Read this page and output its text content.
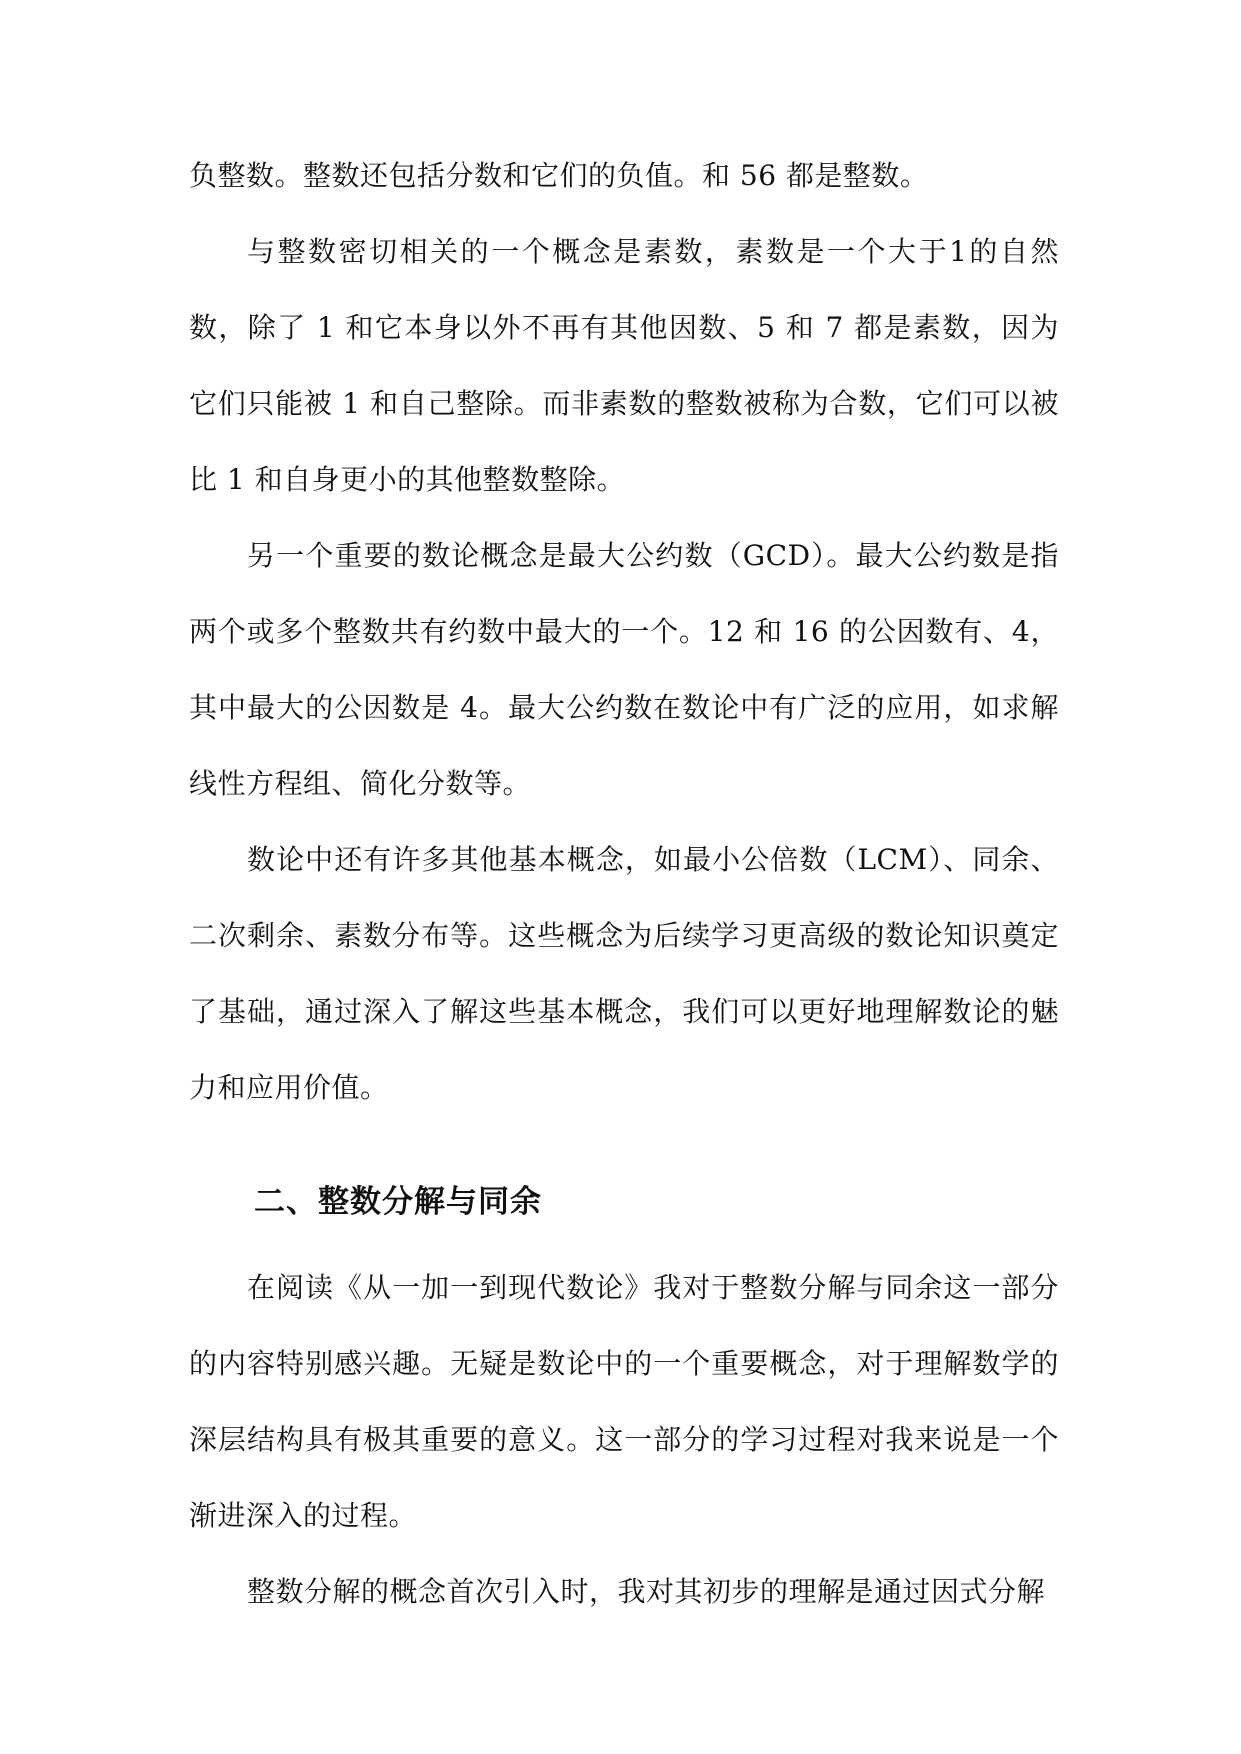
负整数。整数还包括分数和它们的负值。和 56 都是整数。

与整数密切相关的一个概念是素数，素数是一个大于1的自然数，除了 1 和它本身以外不再有其他因数、5 和 7 都是素数，因为它们只能被 1 和自己整除。而非素数的整数被称为合数，它们可以被比 1 和自身更小的其他整数整除。

另一个重要的数论概念是最大公约数（GCD）。最大公约数是指两个或多个整数共有约数中最大的一个。12 和 16 的公因数有、4，其中最大的公因数是 4。最大公约数在数论中有广泛的应用，如求解线性方程组、简化分数等。

数论中还有许多其他基本概念，如最小公倍数（LCM）、同余、二次剩余、素数分布等。这些概念为后续学习更高级的数论知识奠定了基础，通过深入了解这些基本概念，我们可以更好地理解数论的魅力和应用价值。

二、整数分解与同余

在阅读《从一加一到现代数论》我对于整数分解与同余这一部分的内容特别感兴趣。无疑是数论中的一个重要概念，对于理解数学的深层结构具有极其重要的意义。这一部分的学习过程对我来说是一个渐进深入的过程。

整数分解的概念首次引入时，我对其初步的理解是通过因式分解
